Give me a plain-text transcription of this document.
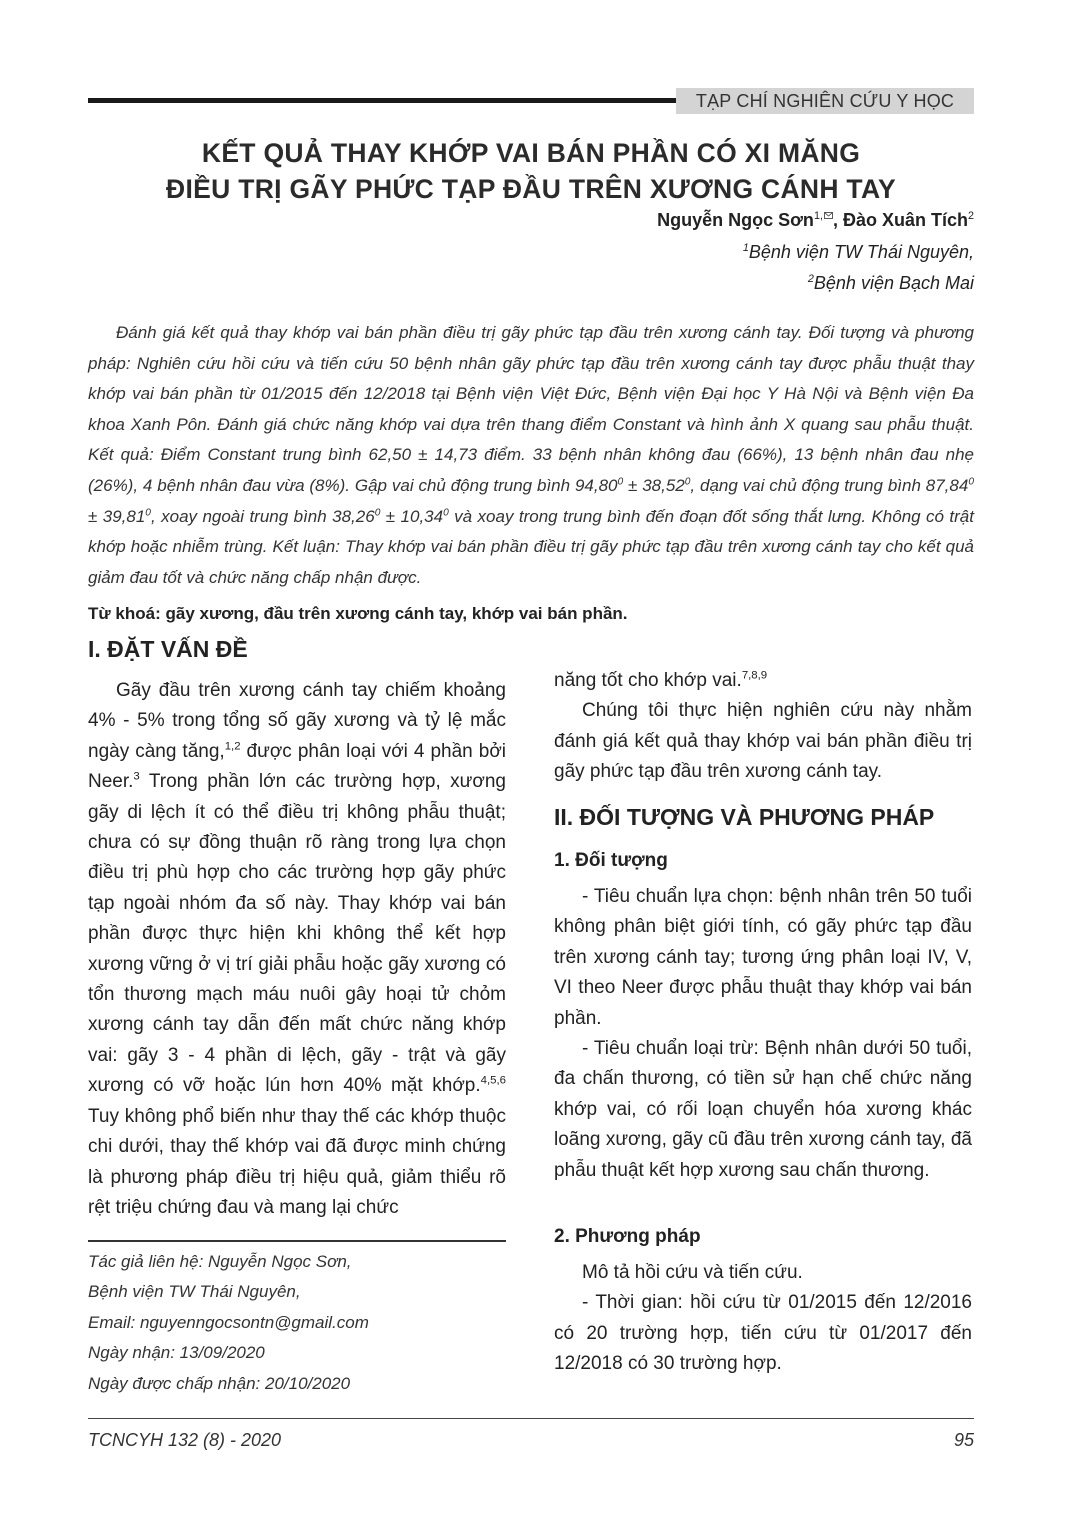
TẠP CHÍ NGHIÊN CỨU Y HỌC
KẾT QUẢ THAY KHỚP VAI BÁN PHẦN CÓ XI MĂNG
ĐIỀU TRỊ GÃY PHỨC TẠP ĐẦU TRÊN XƯƠNG CÁNH TAY
Nguyễn Ngọc Sơn$^{1,}$ , Đào Xuân Tích$^2$
$^1$Bệnh viện TW Thái Nguyên,
$^2$Bệnh viện Bạch Mai

Đánh giá kết quả thay khớp vai bán phần điều trị gãy phức tạp đầu trên xương cánh tay. Đối tượng và phương pháp: Nghiên cứu hồi cứu và tiến cứu 50 bệnh nhân gãy phức tạp đầu trên xương cánh tay được phẫu thuật thay khớp vai bán phần từ 01/2015 đến 12/2018 tại Bệnh viện Việt Đức, Bệnh viện Đại học Y Hà Nội và Bệnh viện Đa khoa Xanh Pôn. Đánh giá chức năng khớp vai dựa trên thang điểm Constant và hình ảnh X quang sau phẫu thuật. Kết quả: Điểm Constant trung bình 62,50 ± 14,73 điểm. 33 bệnh nhân không đau (66%), 13 bệnh nhân đau nhẹ (26%), 4 bệnh nhân đau vừa (8%). Gập vai chủ động trung bình $94,80^0 \pm 38,52^0$, dạng vai chủ động trung bình $87,84^0 \pm 39,81^0$, xoay ngoài trung bình $38,26^0 \pm 10,34^0$ và xoay trong trung bình đến đoạn đốt sống thắt lưng. Không có trật khớp hoặc nhiễm trùng. Kết luận: Thay khớp vai bán phần điều trị gãy phức tạp đầu trên xương cánh tay cho kết quả giảm đau tốt và chức năng chấp nhận được.

Từ khoá: gãy xương, đầu trên xương cánh tay, khớp vai bán phần.
I. ĐẶT VẤN ĐỀ

Gãy đầu trên xương cánh tay chiếm khoảng 4% - 5% trong tổng số gãy xương và tỷ lệ mắc ngày càng tăng,$^{1,2}$ được phân loại với 4 phần bởi Neer.$^3$ Trong phần lớn các trường hợp, xương gãy di lệch ít có thể điều trị không phẫu thuật; chưa có sự đồng thuận rõ ràng trong lựa chọn điều trị phù hợp cho các trường hợp gãy phức tạp ngoài nhóm đa số này. Thay khớp vai bán phần được thực hiện khi không thể kết hợp xương vững ở vị trí giải phẫu hoặc gãy xương có tổn thương mạch máu nuôi gây hoại tử chỏm xương cánh tay dẫn đến mất chức năng khớp vai: gãy 3 - 4 phần di lệch, gãy - trật và gãy xương có vỡ hoặc lún hơn 40% mặt khớp.$^{4,5,6}$ Tuy không phổ biến như thay thế các khớp thuộc chi dưới, thay thế khớp vai đã được minh chứng là phương pháp điều trị hiệu quả, giảm thiểu rõ rệt triệu chứng đau và mang lại chức

năng tốt cho khớp vai.$^{7,8,9}$

Chúng tôi thực hiện nghiên cứu này nhằm đánh giá kết quả thay khớp vai bán phần điều trị gãy phức tạp đầu trên xương cánh tay.

II. ĐỐI TƯỢNG VÀ PHƯƠNG PHÁP
1. Đối tượng

- Tiêu chuẩn lựa chọn: bệnh nhân trên 50 tuổi không phân biệt giới tính, có gãy phức tạp đầu trên xương cánh tay; tương ứng phân loại IV, V, VI theo Neer được phẫu thuật thay khớp vai bán phần.

- Tiêu chuẩn loại trừ: Bệnh nhân dưới 50 tuổi, đa chấn thương, có tiền sử hạn chế chức năng khớp vai, có rối loạn chuyển hóa xương khác loãng xương, gãy cũ đầu trên xương cánh tay, đã phẫu thuật kết hợp xương sau chấn thương.

2. Phương pháp

Mô tả hồi cứu và tiến cứu.

- Thời gian: hồi cứu từ 01/2015 đến 12/2016 có 20 trường hợp, tiến cứu từ 01/2017 đến 12/2018 có 30 trường hợp.

Tác giả liên hệ: Nguyễn Ngọc Sơn,
Bệnh viện TW Thái Nguyên,
Email: nguyenngocsontn@gmail.com
Ngày nhận: 13/09/2020
Ngày được chấp nhận: 20/10/2020
TCNCYH 132 (8) - 2020	95
